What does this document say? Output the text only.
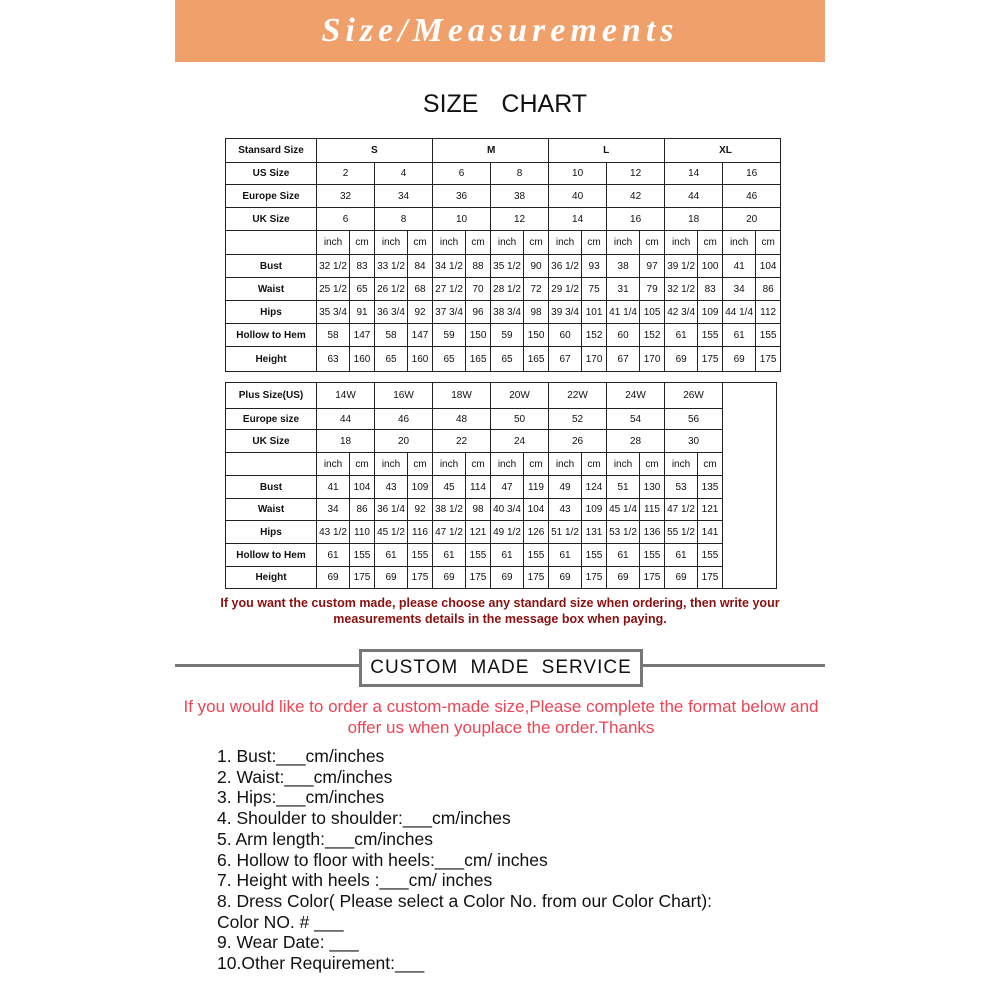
Size/Measurements
SIZE CHART
Stansard Size	S				M				L				XL			
US Size	2		4		6		8		10		12		14		16	
Europe Size	32		34		36		38		40		42		44		46	
UK Size	6		8		10		12		14		16		18		20	
	inch	cm	inch	cm	inch	cm	inch	cm	inch	cm	inch	cm	inch	cm	inch	cm
Bust	32 1/2	83	33 1/2	84	34 1/2	88	35 1/2	90	36 1/2	93	38	97	39 1/2	100	41	104
Waist	25 1/2	65	26 1/2	68	27 1/2	70	28 1/2	72	29 1/2	75	31	79	32 1/2	83	34	86
Hips	35 3/4	91	36 3/4	92	37 3/4	96	38 3/4	98	39 3/4	101	41 1/4	105	42 3/4	109	44 1/4	112
Hollow to Hem	58	147	58	147	59	150	59	150	60	152	60	152	61	155	61	155
Height	63	160	65	160	65	165	65	165	67	170	67	170	69	175	69	175
Plus Size(US)	14W		16W		18W		20W		22W		24W		26W		
Europe size	44		46		48		50		52		54		56		
UK Size	18		20		22		24		26		28		30		
	inch	cm	inch	cm	inch	cm	inch	cm	inch	cm	inch	cm	inch	cm	
Bust	41	104	43	109	45	114	47	119	49	124	51	130	53	135	
Waist	34	86	36 1/4	92	38 1/2	98	40 3/4	104	43	109	45 1/4	115	47 1/2	121	
Hips	43 1/2	110	45 1/2	116	47 1/2	121	49 1/2	126	51 1/2	131	53 1/2	136	55 1/2	141	
Hollow to Hem	61	155	61	155	61	155	61	155	61	155	61	155	61	155	
Height	69	175	69	175	69	175	69	175	69	175	69	175	69	175	
If you want the custom made, please choose any standard size when ordering, then write your measurements details in the message box when paying.
CUSTOM MADE SERVICE
If you would like to order a custom-made size,Please complete the format below and offer us when youplace the order.Thanks
1. Bust:___cm/inches
2. Waist:___cm/inches
3. Hips:___cm/inches
4. Shoulder to shoulder:___cm/inches
5. Arm length:___cm/inches
6. Hollow to floor with heels:___cm/ inches
7. Height with heels :___cm/ inches
8. Dress Color( Please select a Color No. from our Color Chart):
Color NO. # ___
9. Wear Date: ___
10.Other Requirement:___
